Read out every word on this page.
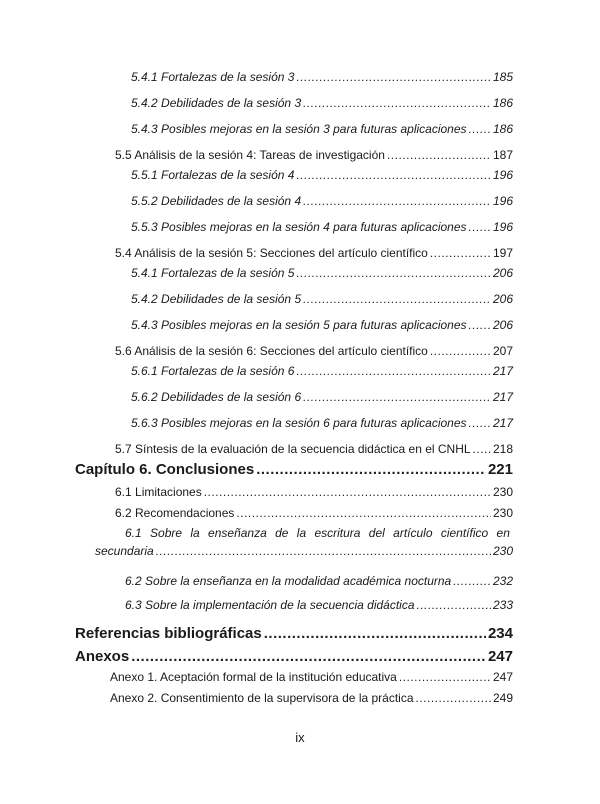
5.4.1 Fortalezas de la sesión 3 .....	185
5.4.2 Debilidades de la sesión 3 .....	186
5.4.3 Posibles mejoras en la sesión 3 para futuras aplicaciones ..... 186
5.5 Análisis de la sesión 4: Tareas de investigación .....	187
5.5.1 Fortalezas de la sesión 4 .....	196
5.5.2 Debilidades de la sesión 4 .....	196
5.5.3 Posibles mejoras en la sesión 4 para futuras aplicaciones ..... 196
5.4 Análisis de la sesión 5: Secciones del artículo científico .....	197
5.4.1 Fortalezas de la sesión 5 .....	206
5.4.2 Debilidades de la sesión 5 .....	206
5.4.3 Posibles mejoras en la sesión 5 para futuras aplicaciones ..... 206
5.6 Análisis de la sesión 6: Secciones del artículo científico .....	207
5.6.1 Fortalezas de la sesión 6 .....	217
5.6.2 Debilidades de la sesión 6 .....	217
5.6.3 Posibles mejoras en la sesión 6 para futuras aplicaciones ..... 217
5.7 Síntesis de la evaluación de la secuencia didáctica en el CNHL ..... 218
Capítulo 6. Conclusiones .....	221
6.1 Limitaciones .....	230
6.2 Recomendaciones .....	230
6.1 Sobre la enseñanza de la escritura del artículo científico en
secundaria .....	230
6.2 Sobre la enseñanza en la modalidad académica nocturna .....	232
6.3 Sobre la implementación de la secuencia didáctica .....	233
Referencias bibliográficas .....	234
Anexos .....	247
Anexo 1. Aceptación formal de la institución educativa .....	247
Anexo 2. Consentimiento de la supervisora de la práctica .....	249
ix
